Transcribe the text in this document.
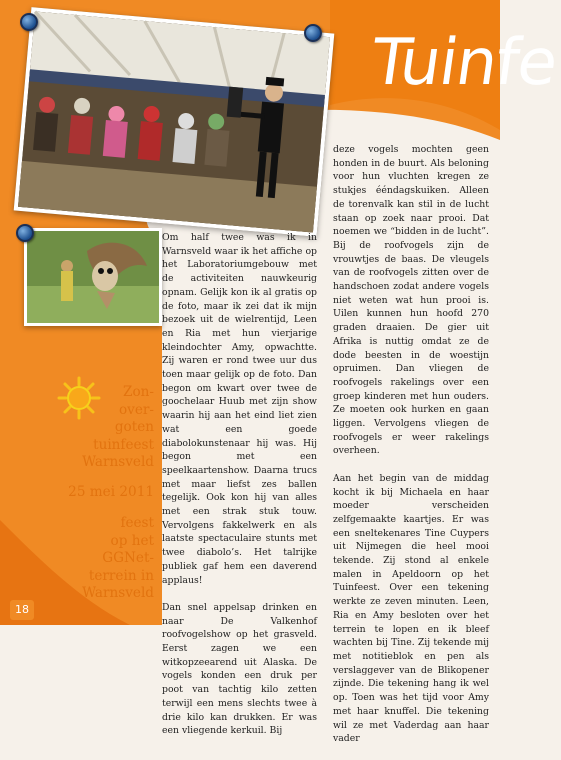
Tuinfe
Zon-
over-
goten
tuinfeest
Warnsveld
25 mei 2011
feest
op het
GGNet-
terrein in
Warnsveld

Om half twee was ik in Warnsveld waar ik het affiche op het Laboratoriumgebouw met de activiteiten nauwkeurig opnam. Gelijk kon ik al gratis op de foto, maar ik zei dat ik mijn bezoek uit de wielrentijd, Leen en Ria met hun vierjarige kleindochter Amy, opwachtte. Zij waren er rond twee uur dus toen maar gelijk op de foto. Dan begon om kwart over twee de goochelaar Huub met zijn show waarin hij aan het eind liet zien wat een goede diabolokunstenaar hij was. Hij begon met een speelkaartenshow. Daarna trucs met maar liefst zes ballen tegelijk. Ook kon hij van alles met een strak stuk touw. Vervolgens fakkelwerk en als laatste spectaculaire stunts met twee diabolo’s. Het talrijke publiek gaf hem een daverend applaus!

Dan snel appelsap drinken en naar De Valkenhof roofvogelshow op het grasveld. Eerst zagen we een witkopzeearend uit Alaska. De vogels konden een druk per poot van tachtig kilo zetten terwijl een mens slechts twee à drie kilo kan drukken. Er was een vliegende kerkuil. Bij

deze vogels mochten geen honden in de buurt. Als beloning voor hun vluchten kregen ze stukjes ééndagskuiken. Alleen de torenvalk kan stil in de lucht staan op zoek naar prooi. Dat noemen we “bidden in de lucht”. Bij de roofvogels zijn de vrouwtjes de baas. De vleugels van de roofvogels zitten over de handschoen zodat andere vogels niet weten wat hun prooi is. Uilen kunnen hun hoofd 270 graden draaien. De gier uit Afrika is nuttig omdat ze de dode beesten in de woestijn opruimen. Dan vliegen de roofvogels rakelings over een groep kinderen met hun ouders. Ze moeten ook hurken en gaan liggen. Vervolgens vliegen de roofvogels er weer rakelings overheen.

Aan het begin van de middag kocht ik bij Michaela en haar moeder verscheiden zelfgemaakte kaartjes. Er was een sneltekenares Tine Cuypers uit Nijmegen die heel mooi tekende. Zij stond al enkele malen in Apeldoorn op het Tuinfeest. Over een tekening werkte ze zeven minuten. Leen, Ria en Amy besloten over het terrein te lopen en ik bleef wachten bij Tine. Zij tekende mij met notitieblok en pen als verslaggever van de Blikopener zijnde. Die tekening hang ik wel op. Toen was het tijd voor Amy met haar knuffel. Die tekening wil ze met Vaderdag aan haar vader

18
